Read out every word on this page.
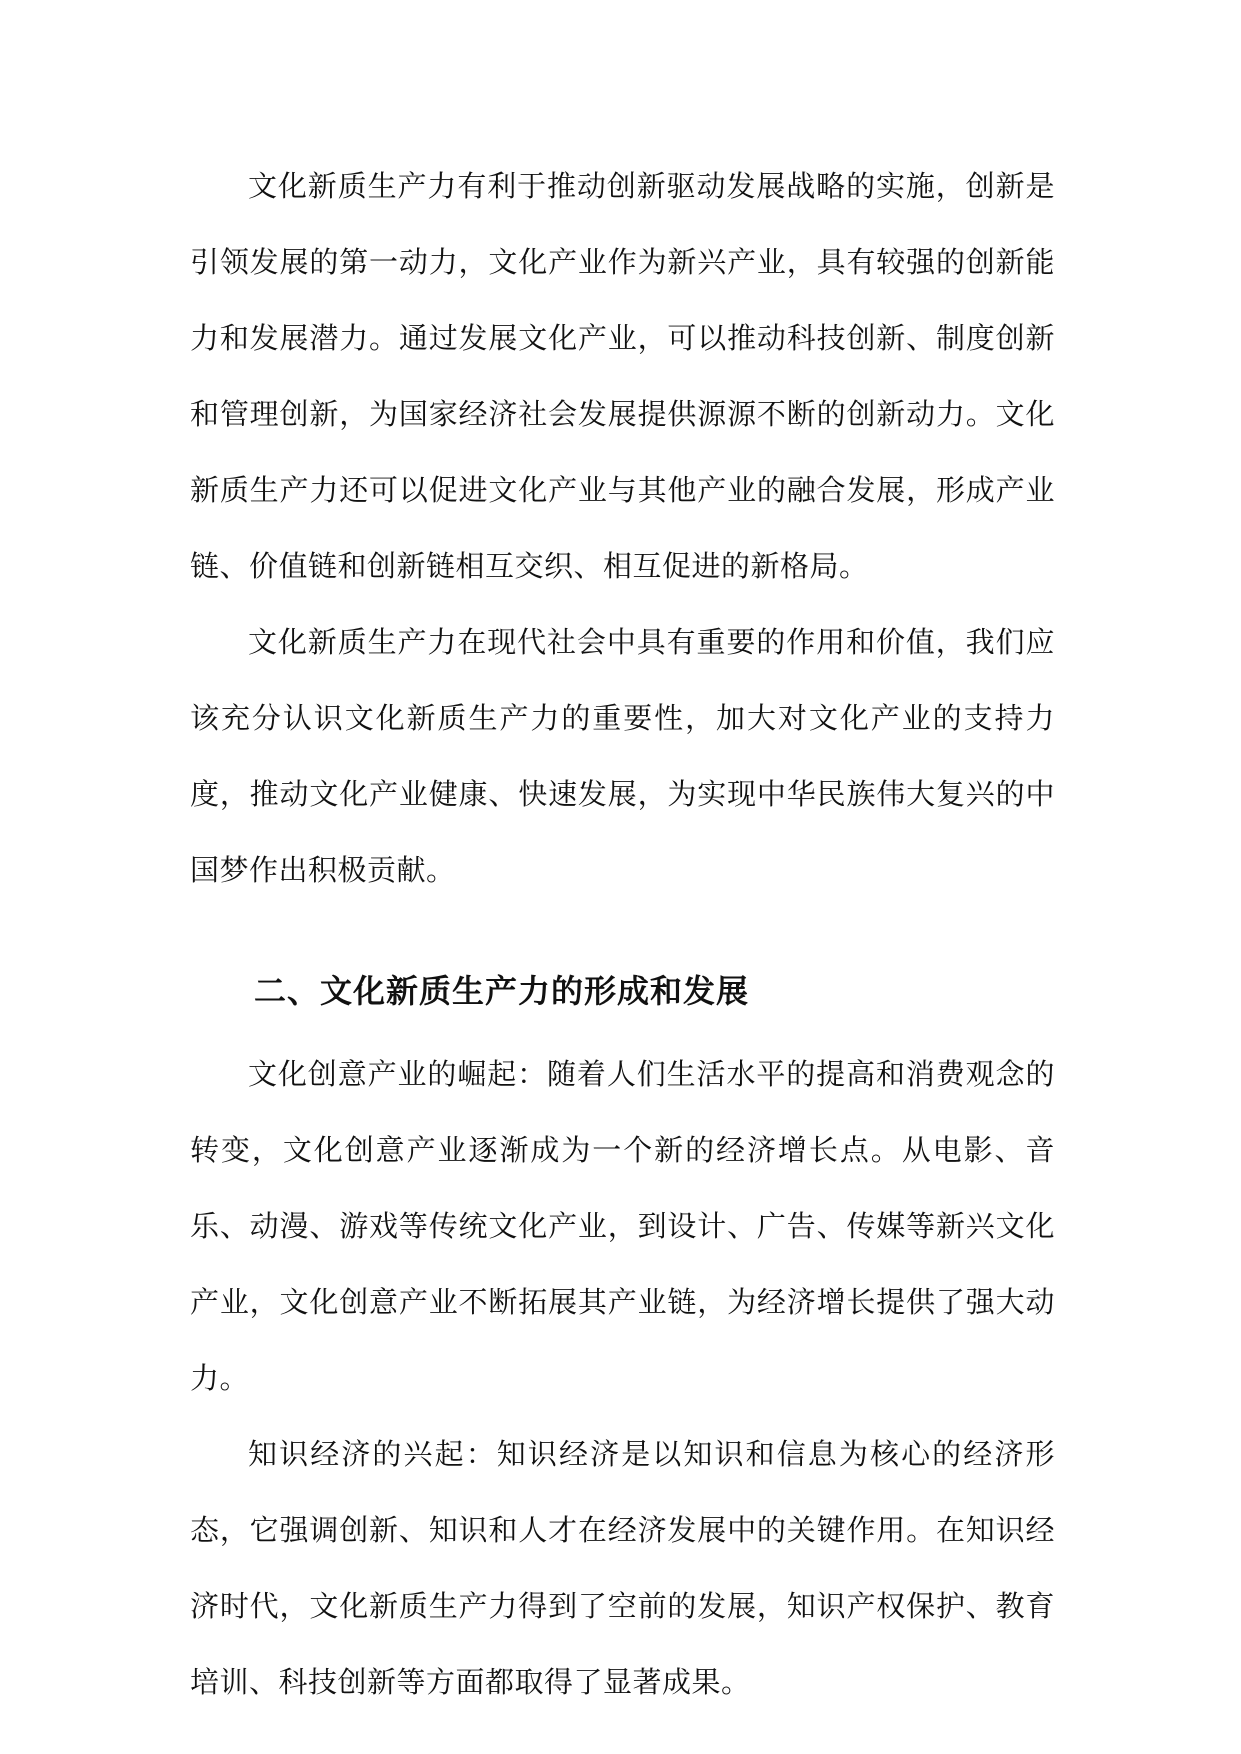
文化新质生产力有利于推动创新驱动发展战略的实施，创新是引领发展的第一动力，文化产业作为新兴产业，具有较强的创新能力和发展潜力。通过发展文化产业，可以推动科技创新、制度创新和管理创新，为国家经济社会发展提供源源不断的创新动力。文化新质生产力还可以促进文化产业与其他产业的融合发展，形成产业链、价值链和创新链相互交织、相互促进的新格局。

文化新质生产力在现代社会中具有重要的作用和价值，我们应该充分认识文化新质生产力的重要性，加大对文化产业的支持力度，推动文化产业健康、快速发展，为实现中华民族伟大复兴的中国梦作出积极贡献。

二、文化新质生产力的形成和发展

文化创意产业的崛起：随着人们生活水平的提高和消费观念的转变，文化创意产业逐渐成为一个新的经济增长点。从电影、音乐、动漫、游戏等传统文化产业，到设计、广告、传媒等新兴文化产业，文化创意产业不断拓展其产业链，为经济增长提供了强大动力。

知识经济的兴起：知识经济是以知识和信息为核心的经济形态，它强调创新、知识和人才在经济发展中的关键作用。在知识经济时代，文化新质生产力得到了空前的发展，知识产权保护、教育培训、科技创新等方面都取得了显著成果。
